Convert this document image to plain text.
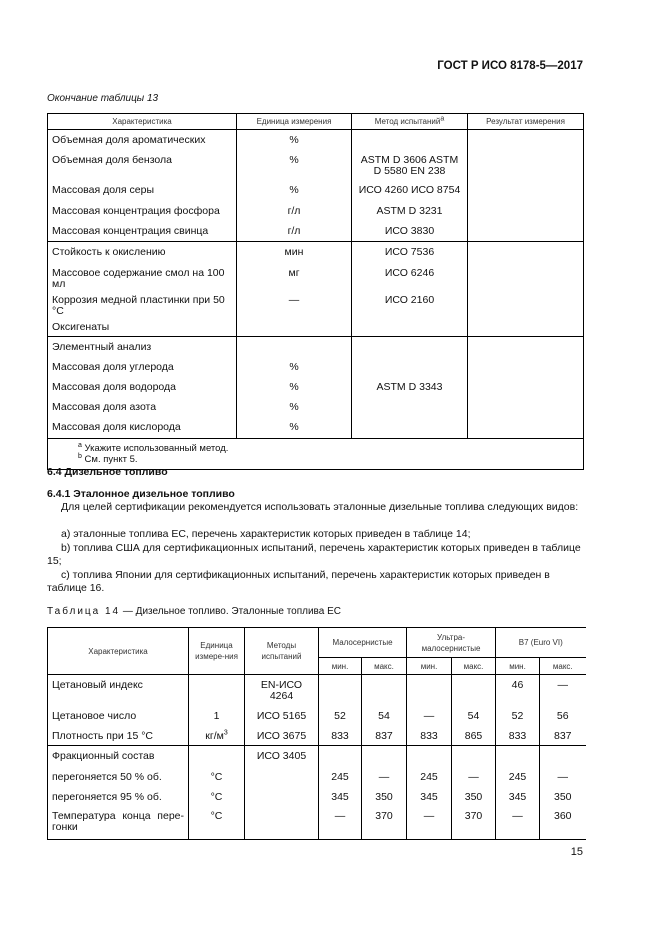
ГОСТ Р ИСО 8178-5—2017
Окончание таблицы 13
Характеристика	Единица измерения	Метод испытаний$^a$	Результат измерения
Объемная доля ароматических	%		
Объемная доля бензола	%	ASTM D 3606 ASTM D 5580 EN 238	
Массовая доля серы	%	ИСО 4260 ИСО 8754	
Массовая концентрация фосфора	г/л	ASTM D 3231	
Массовая концентрация свинца	г/л	ИСО 3830	
Стойкость к окислению	мин	ИСО 7536	
Массовое содержание смол на 100 мл	мг	ИСО 6246	
Коррозия медной пластинки при 50 °С	—	ИСО 2160	
Оксигенаты			
Элементный анализ			
Массовая доля углерода	%		
Массовая доля водорода	%	ASTM D 3343	
Массовая доля азота	%		
Массовая доля кислорода	%		

$^a$ Укажите использованный метод.
$^b$ См. пункт 5.			
6.4 Дизельное топливо
6.4.1 Эталонное дизельное топливо
Для целей сертификации рекомендуется использовать эталонные дизельные топлива следующих видов:
a) эталонные топлива ЕС, перечень характеристик которых приведен в таблице 14;
b) топлива США для сертификационных испытаний, перечень характеристик которых приведен в таблице 15;
c) топлива Японии для сертификационных испытаний, перечень характеристик которых приведен в таблице 16.
Таблица 14 — Дизельное топливо. Эталонные топлива ЕС
Характеристика	Единица измере-ния	Методы испытаний	Малосернистые		Ультра-малосернистые		B7 (Euro VI)	
			мин.	макс.	мин.	макс.	мин.	макс.
Цетановый индекс		EN-ИСО 4264					46	—
Цетановое число	1	ИСО 5165	52	54	—	54	52	56
Плотность при 15 °С	$кг/м^3$	ИСО 3675	833	837	833	865	833	837
Фракционный состав		ИСО 3405						
перегоняется 50 % об.	°С		245	—	245	—	245	—
перегоняется 95 % об.	°С		345	350	345	350	345	350
Температура конца пере-гонки	°С		—	370	—	370	—	360
15
